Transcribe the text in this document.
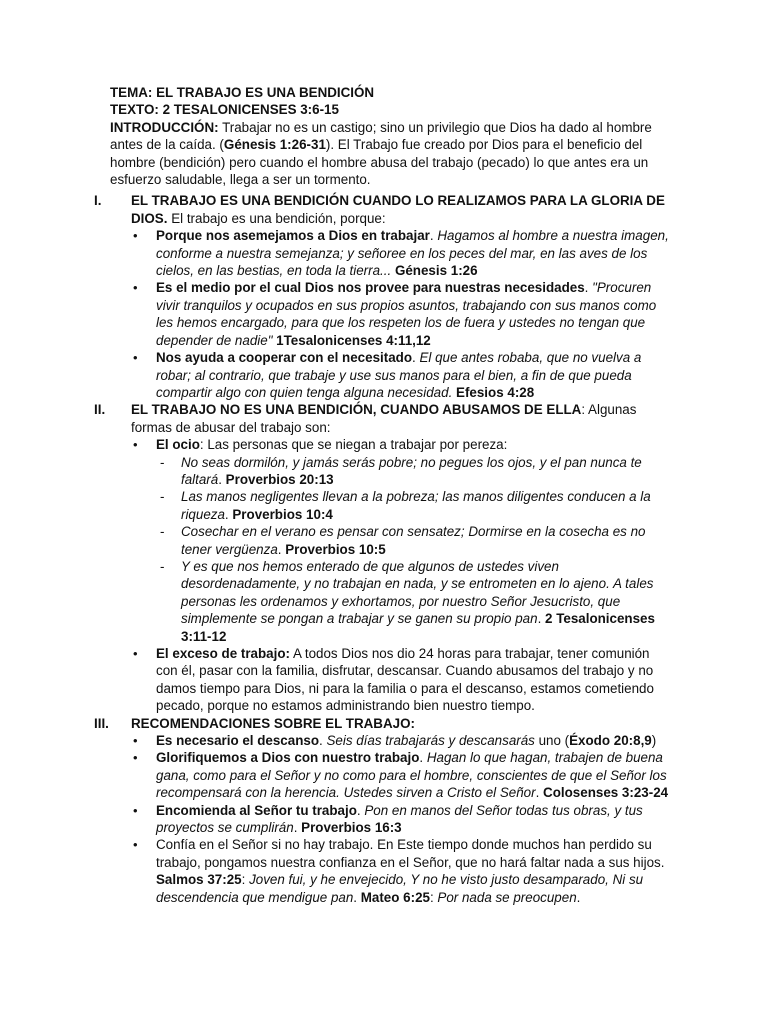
TEMA: EL TRABAJO ES UNA BENDICIÓN

TEXTO: 2 TESALONICENSES 3:6-15

INTRODUCCIÓN: Trabajar no es un castigo; sino un privilegio que Dios ha dado al hombre antes de la caída. (Génesis 1:26-31). El Trabajo fue creado por Dios para el beneficio del hombre (bendición) pero cuando el hombre abusa del trabajo (pecado) lo que antes era un esfuerzo saludable, llega a ser un tormento.

I.	EL TRABAJO ES UNA BENDICIÓN CUANDO LO REALIZAMOS PARA LA GLORIA DE DIOS. El trabajo es una bendición, porque:

• Porque nos asemejamos a Dios en trabajar. Hagamos al hombre a nuestra imagen, conforme a nuestra semejanza; y señoree en los peces del mar, en las aves de los cielos, en las bestias, en toda la tierra... Génesis 1:26
• Es el medio por el cual Dios nos provee para nuestras necesidades. "Procuren vivir tranquilos y ocupados en sus propios asuntos, trabajando con sus manos como les hemos encargado, para que los respeten los de fuera y ustedes no tengan que depender de nadie" 1Tesalonicenses 4:11,12
• Nos ayuda a cooperar con el necesitado. El que antes robaba, que no vuelva a robar; al contrario, que trabaje y use sus manos para el bien, a fin de que pueda compartir algo con quien tenga alguna necesidad. Efesios 4:28
II.	EL TRABAJO NO ES UNA BENDICIÓN, CUANDO ABUSAMOS DE ELLA: Algunas formas de abusar del trabajo son:

• El ocio: Las personas que se niegan a trabajar por pereza:
- No seas dormilón, y jamás serás pobre; no pegues los ojos, y el pan nunca te faltará. Proverbios 20:13
- Las manos negligentes llevan a la pobreza; las manos diligentes conducen a la riqueza. Proverbios 10:4
- Cosechar en el verano es pensar con sensatez; Dormirse en la cosecha es no tener vergüenza. Proverbios 10:5
- Y es que nos hemos enterado de que algunos de ustedes viven desordenadamente, y no trabajan en nada, y se entrometen en lo ajeno. A tales personas les ordenamos y exhortamos, por nuestro Señor Jesucristo, que simplemente se pongan a trabajar y se ganen su propio pan. 2 Tesalonicenses 3:11-12
• El exceso de trabajo: A todos Dios nos dio 24 horas para trabajar, tener comunión con él, pasar con la familia, disfrutar, descansar. Cuando abusamos del trabajo y no damos tiempo para Dios, ni para la familia o para el descanso, estamos cometiendo pecado, porque no estamos administrando bien nuestro tiempo.
III.	RECOMENDACIONES SOBRE EL TRABAJO:

• Es necesario el descanso. Seis días trabajarás y descansarás uno (Éxodo 20:8,9)
• Glorifiquemos a Dios con nuestro trabajo. Hagan lo que hagan, trabajen de buena gana, como para el Señor y no como para el hombre, conscientes de que el Señor los recompensará con la herencia. Ustedes sirven a Cristo el Señor. Colosenses 3:23-24
• Encomienda al Señor tu trabajo. Pon en manos del Señor todas tus obras, y tus proyectos se cumplirán. Proverbios 16:3
• Confía en el Señor si no hay trabajo. En Este tiempo donde muchos han perdido su trabajo, pongamos nuestra confianza en el Señor, que no hará faltar nada a sus hijos. Salmos 37:25: Joven fui, y he envejecido, Y no he visto justo desamparado, Ni su descendencia que mendigue pan. Mateo 6:25: Por nada se preocupen.
